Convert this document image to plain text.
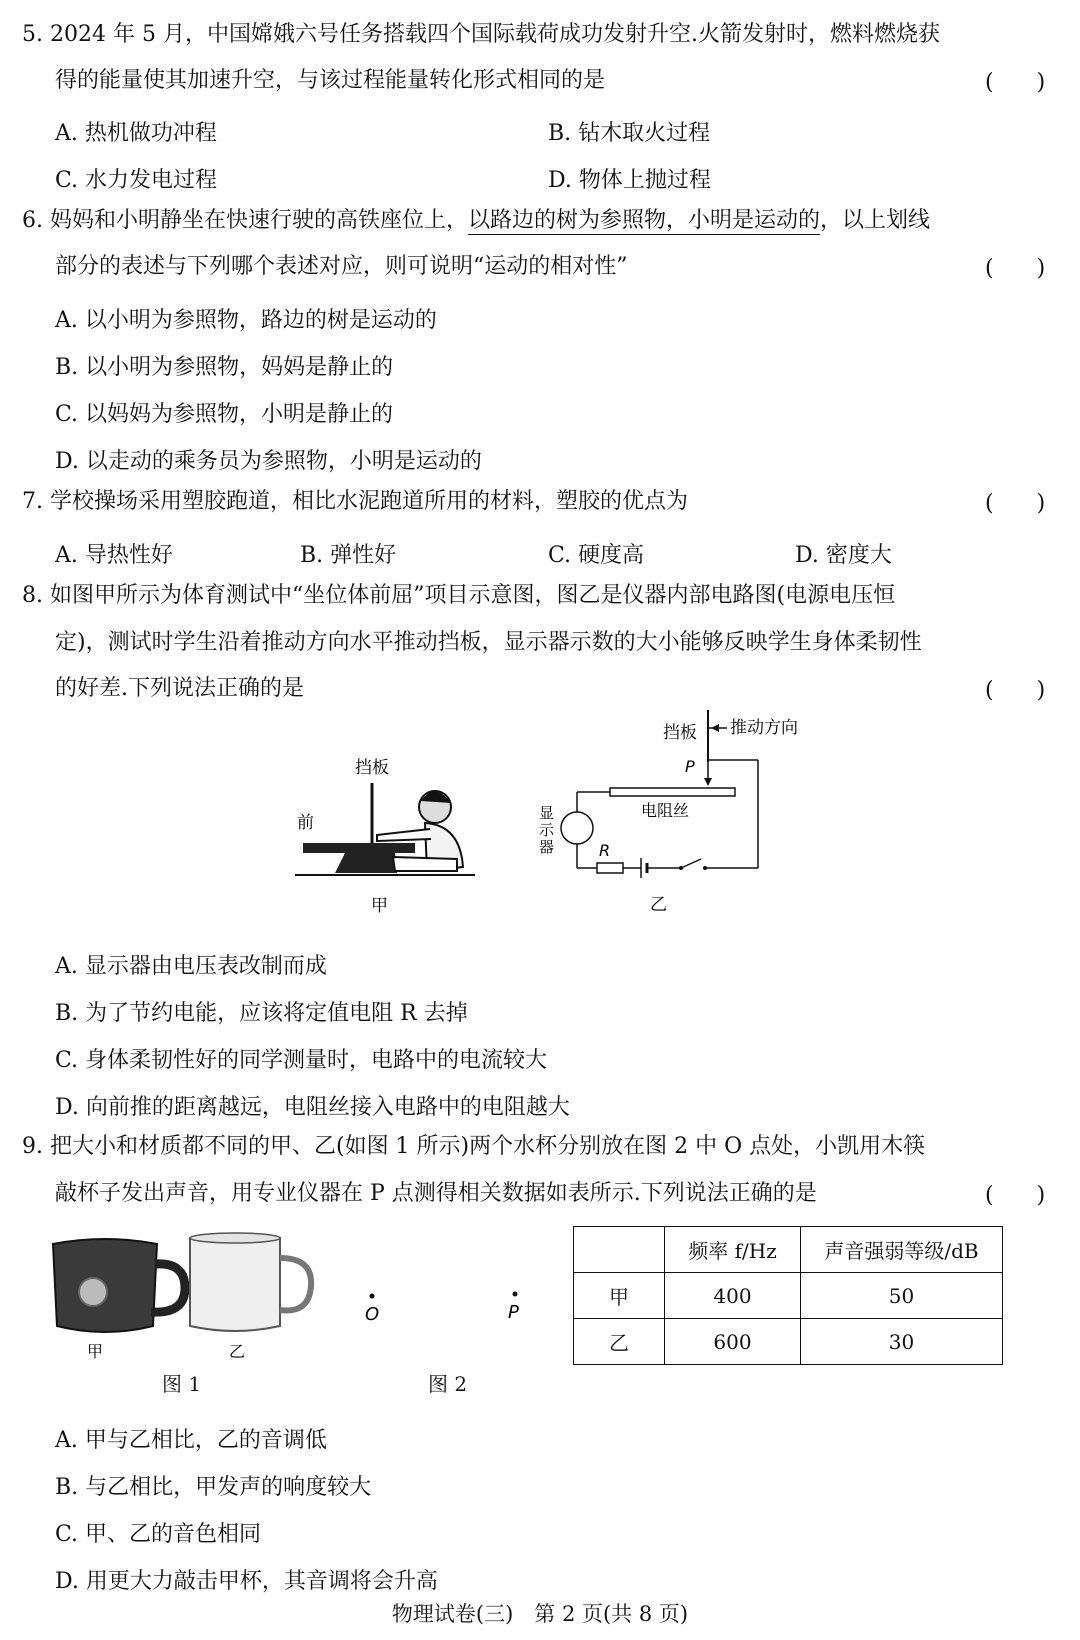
5. 2024 年 5 月，中国嫦娥六号任务搭载四个国际载荷成功发射升空.火箭发射时，燃料燃烧获
得的能量使其加速升空，与该过程能量转化形式相同的是	( )
A. 热机做功冲程	B. 钻木取火过程
C. 水力发电过程	D. 物体上抛过程
6. 妈妈和小明静坐在快速行驶的高铁座位上，以路边的树为参照物，小明是运动的，以上划线
部分的表述与下列哪个表述对应，则可说明“运动的相对性”	( )
A. 以小明为参照物，路边的树是运动的
B. 以小明为参照物，妈妈是静止的
C. 以妈妈为参照物，小明是静止的
D. 以走动的乘务员为参照物，小明是运动的
7. 学校操场采用塑胶跑道，相比水泥跑道所用的材料，塑胶的优点为	( )
A. 导热性好	B. 弹性好	C. 硬度高	D. 密度大
8. 如图甲所示为体育测试中“坐位体前屈”项目示意图，图乙是仪器内部电路图(电源电压恒
定)，测试时学生沿着推动方向水平推动挡板，显示器示数的大小能够反映学生身体柔韧性
的好差.下列说法正确的是	( )
挡板
前
甲
挡板 推动方向
P
电阻丝
显
示
器	R
乙
A. 显示器由电压表改制而成
B. 为了节约电能，应该将定值电阻 R 去掉
C. 身体柔韧性好的同学测量时，电路中的电流较大
D. 向前推的距离越远，电阻丝接入电路中的电阻越大
9. 把大小和材质都不同的甲、乙(如图 1 所示)两个水杯分别放在图 2 中 O 点处，小凯用木筷
敲杯子发出声音，用专业仪器在 P 点测得相关数据如表所示.下列说法正确的是	( )
甲	乙
图 1
O	P
图 2
	频率 f/Hz	声音强弱等级/dB
甲	400	50
乙	600	30
A. 甲与乙相比，乙的音调低
B. 与乙相比，甲发声的响度较大
C. 甲、乙的音色相同
D. 用更大力敲击甲杯，其音调将会升高
物理试卷(三)　第 2 页(共 8 页)
